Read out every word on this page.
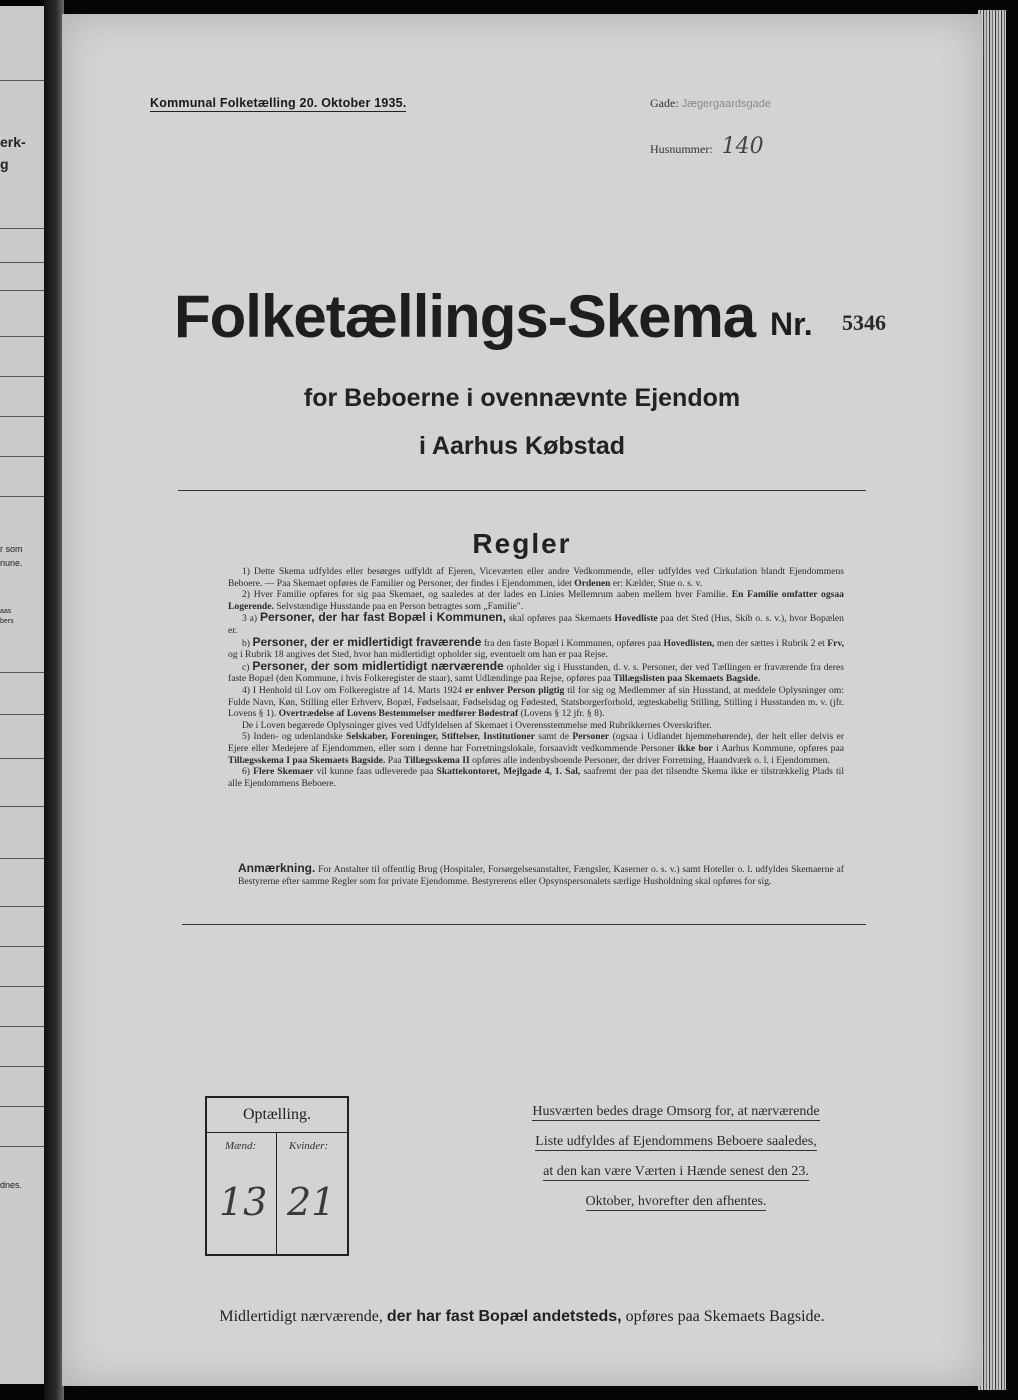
erk-
g
r som
nune.
aas
bers
dnes.
Kommunal Folketælling 20. Oktober 1935.	Gade: Jægergaardsgade
Husnummer: 140
Folketællings-Skema Nr. 5346
for Beboerne i ovennævnte Ejendom
i Aarhus Købstad
Regler

1) Dette Skema udfyldes eller besørges udfyldt af Ejeren, Viceværten eller andre Vedkommende, eller udfyldes ved Cirkulation blandt Ejendommens Beboere. — Paa Skemaet opføres de Familier og Personer, der findes i Ejendommen, idet Ordenen er: Kælder, Stue o. s. v.

2) Hver Familie opføres for sig paa Skemaet, og saaledes at der lades en Linies Mellemrum aaben mellem hver Familie. En Familie omfatter ogsaa Logerende. Selvstændige Husstande paa en Person betragtes som „Familie".

3 a) Personer, der har fast Bopæl i Kommunen, skal opføres paa Skemaets Hovedliste paa det Sted (Hus, Skib o. s. v.), hvor Bopælen er.

b) Personer, der er midlertidigt fraværende fra den faste Bopæl i Kommunen, opføres paa Hovedlisten, men der sættes i Rubrik 2 et Frv, og i Rubrik 18 angives det Sted, hvor han midlertidigt opholder sig, eventuelt om han er paa Rejse.

c) Personer, der som midlertidigt nærværende opholder sig i Husstanden, d. v. s. Personer, der ved Tællingen er fraværende fra deres faste Bopæl (den Kommune, i hvis Folkeregister de staar), samt Udlændinge paa Rejse, opføres paa Tillægslisten paa Skemaets Bagside.

4) I Henhold til Lov om Folkeregistre af 14. Marts 1924 er enhver Person pligtig til for sig og Medlemmer af sin Husstand, at meddele Oplysninger om: Fulde Navn, Køn, Stilling eller Erhverv, Bopæl, Fødselsaar, Fødselsdag og Fødested, Statsborgerforhold, ægteskabelig Stilling, Stilling i Husstanden m. v. (jfr. Lovens § 1). Overtrædelse af Lovens Bestemmelser medfører Bødestraf (Lovens § 12 jfr. § 8).

De i Loven begærede Oplysninger gives ved Udfyldelsen af Skemaet i Overensstemmelse med Rubrikkernes Overskrifter.

5) Inden- og udenlandske Selskaber, Foreninger, Stiftelser, Institutioner samt de Personer (ogsaa i Udlandet hjemmehørende), der helt eller delvis er Ejere eller Medejere af Ejendommen, eller som i denne har Forretningslokale, forsaavidt vedkommende Personer ikke bor i Aarhus Kommune, opføres paa Tillægsskema I paa Skemaets Bagside. Paa Tillægsskema II opføres alle indenbysboende Personer, der driver Forretning, Haandværk o. l. i Ejendommen.

6) Flere Skemaer vil kunne faas udleverede paa Skattekontoret, Mejlgade 4, 1. Sal, saafremt der paa det tilsendte Skema ikke er tilstrækkelig Plads til alle Ejendommens Beboere.

Anmærkning. For Anstalter til offentlig Brug (Hospitaler, Forsørgelsesanstalter, Fængsler, Kaserner o. s. v.) samt Hoteller o. l. udfyldes Skemaerne af Bestyrerne efter samme Regler som for private Ejendomme. Bestyrerens eller Opsynspersonalets særlige Husholdning skal opføres for sig.
Optælling.
Mænd:	Kvinder:
13 21
Husværten bedes drage Omsorg for, at nærværende
Liste udfyldes af Ejendommens Beboere saaledes,
at den kan være Værten i Hænde senest den 23.
Oktober, hvorefter den afhentes.
Midlertidigt nærværende, der har fast Bopæl andetsteds, opføres paa Skemaets Bagside.
